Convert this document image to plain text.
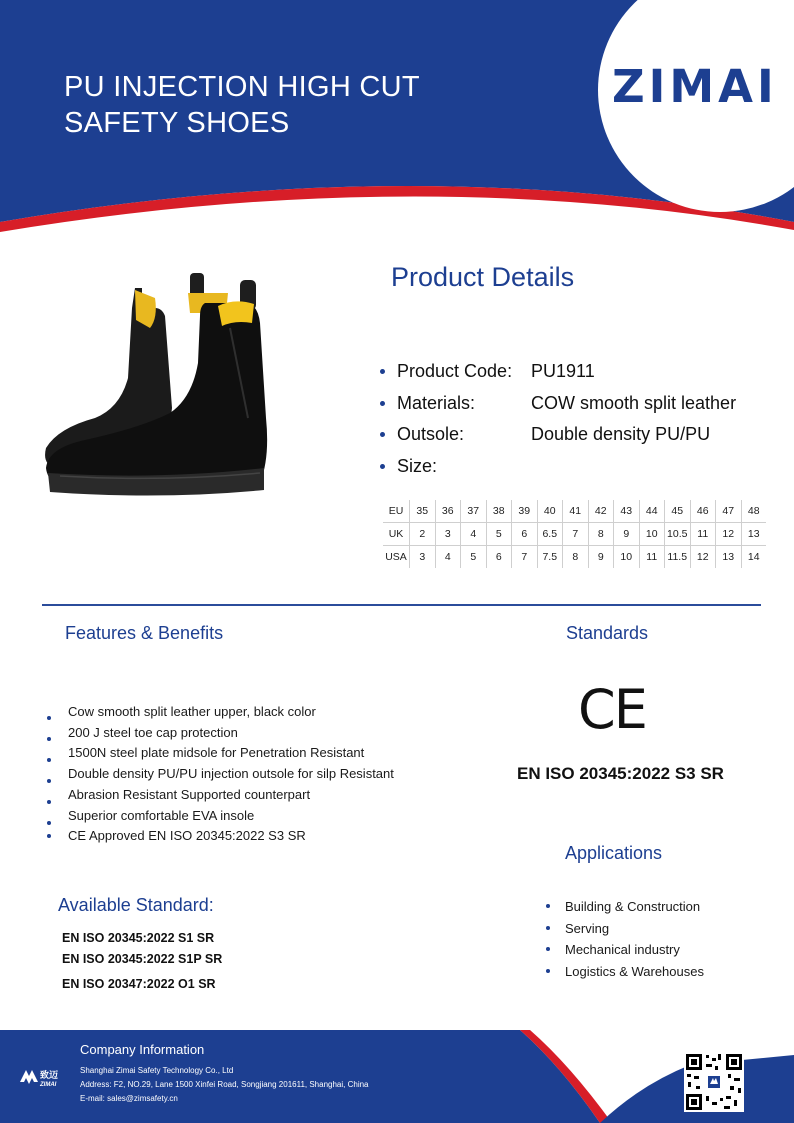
PU INJECTION HIGH CUT
SAFETY SHOES
ZIMAI
Product Details
Product Code: PU1911
Materials:	COW smooth split leather
Outsole:	Double density PU/PU
Size:
EU	35	36	37	38	39	40	41	42	43	44	45	46	47	48
UK	2	3	4	5	6	6.5	7	8	9	10	10.5	11	12	13
USA	3	4	5	6	7	7.5	8	9	10	11	11.5	12	13	14
Features & Benefits
Cow smooth split leather upper, black color
200 J steel toe cap protection
1500N steel plate midsole for Penetration Resistant
Double density PU/PU injection outsole for silp Resistant
Abrasion Resistant Supported counterpart
Superior comfortable EVA insole
CE Approved EN ISO 20345:2022 S3 SR
Standards
CE
EN ISO 20345:2022 S3 SR
Applications
Building & Construction
Serving
Mechanical industry
Logistics & Warehouses
Available Standard:
EN ISO 20345:2022 S1 SR
EN ISO 20345:2022 S1P SR
EN ISO 20347:2022 O1 SR
致迈
ZIMAI
Company Information
Shanghai Zimai Safety Technology Co., Ltd
Address: F2, NO.29, Lane 1500 Xinfei Road, Songjiang 201611, Shanghai, China
E-mail: sales@zimsafety.cn
